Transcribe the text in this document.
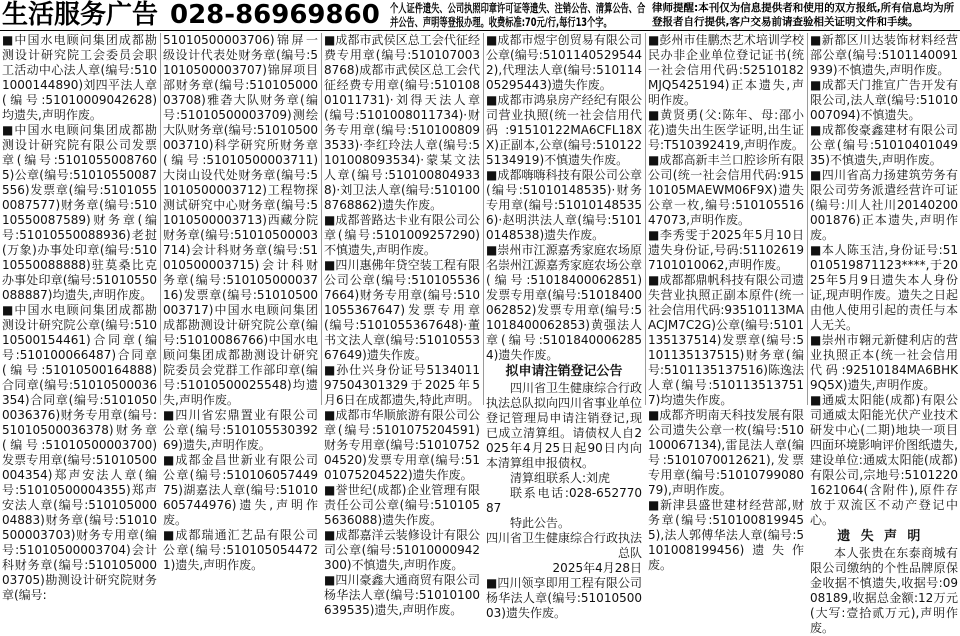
生活服务广告 028-86969860 个人证件遗失、公司执照印章许可证等遗失、注销公告、清算公告、合并公告、声明等登报办理。收费标准:70元/行,每行13个字。
律师提醒:本刊仅为信息提供者和使用的双方报纸,所有信息均为所登报者自行提供,客户交易前请查验相关证明文件和手续。

■中国水电顾问集团成都勘测设计研究院工会委员会职工活动中心法人章(编号:5101000144890)刘四平法人章(编号:51010009042628)均遗失,声明作废。

■中国水电顾问集团成都勘测设计研究院有限公司发票章(编号:51010550087605)公章(编号:51010550087556)发票章(编号:51010550087577)财务章(编号:51010550087589)财务章(编号:51010550088936)老挝(万象)办事处印章(编号:51010550088888)驻莫桑比克办事处印章(编号:51010550088887)均遗失,声明作废。

■中国水电顾问集团成都勘测设计研究院公章(编号:51010500154461)合同章(编号:510100066487)合同章(编号:51010500164888)合同章(编号:51010500036354)合同章(编号:51010500036376)财务专用章(编号:51010500036378)财务章(编号:51010500003700)发票专用章(编号:51010500004354)郑声安法人章(编号:51010500004355)郑声安法人章(编号:51010500004883)财务章(编号:51010500003703)财务专用章(编号:51010500003704)会计科财务章(编号:51010500003705)勘测设计研究院财务章(编号:

51010500003706)锦屏一级设计代表处财务章(编号:51010500003707)锦屏项目部财务章(编号:51010500003708)雅砻大队财务章(编号:51010500003709)测绘大队财务章(编号:51010500003710)科学研究所财务章(编号:51010500003711)大岗山设代处财务章(编号:51010500003712)工程物探测试研究中心财务章(编号:51010500003713)西藏分院财务章(编号:51010500003714)会计科财务章(编号:51010500003715)会计科财务章(编号:51010500003716)发票章(编号:51010500003717)中国水电顾问集团成都勘测设计研究院公章(编号:51010086766)中国水电顾问集团成都勘测设计研究院委员会党群工作部印章(编号:51010500025548)均遗失,声明作废。

■四川省宏鼎置业有限公司公章(编号:51010553039269)遗失,声明作废。

■成都金昌世新业有限公司公章(编号:51010605744975)湖嘉法人章(编号:51010605744976)遗失,声明作废。

■成都瑞通汇艺品有限公司公章(编号:5101050544721)遗失,声明作废。

■成都市武侯区总工会代征经费专用章(编号:5101070038768)成都市武侯区总工会代征经费专用章(编号:51010801011731)·刘得天法人章(编号:5101008011734)·财务专用章(编号:5101008093533)·李红玲法人章(编号:5101008093534)·蒙某文法人章(编号:5101008049338)·刘卫法人章(编号:5101008768862)遗失作废。

■成都普路达卡业有限公司公章(编号:5101009257290)不慎遗失,声明作废。

■四川惠佛年贷空装工程有限公司公章(编号:5101055367664)财务专用章(编号:5101055367647)发票专用章(编号:5101055367648)·董书文法人章(编号:5101055367649)遗失作废。

■孙仕兴身份证号513401197504301329于2025年5月6日在成都遗失,特此声明。

■成都市华顺旅游有限公司公章(编号:5101075204591)财务专用章(编号:5101075204520)发票专用章(编号:5101075204522)遗失作废。

■誉世纪(成都)企业管理有限责任公司公章(编号:5101055636088)遗失作废。

■成都嘉洋云装修设计有限公司公章(编号:51010000942300)不慎遗失,声明作废。

■四川豪鑫大通商贸有限公司杨华法人章(编号:51010100639535)遗失,声明作废。

■成都市煜宇创贸易有限公司公章(编号:51011405295442),代理法人章(编号:51011405295443)遗失作废。

■成都市鸿泉房产经纪有限公司营业执照(统一社会信用代码:91510122MA6CFL18XX)正副本,公章(编号:5101225134919)不慎遗失作废。

■成都嗨嗨科技有限公司公章(编号:51010148535)·财务专用章(编号:510101485356)·赵明洪法人章(编号:51010148538)遗失作废。

■崇州市江源嘉秀家庭农场原名崇州江源嘉秀家庭农场公章(编号:51018400062851)发票专用章(编号:51018400062852)发票专用章(编号:51018400062853)黄强法人章(编号:51018400062854)遗失作废。

拟申请注销登记公告

四川省卫生健康综合行政执法总队拟向四川省事业单位登记管理局申请注销登记,现已成立清算组。请债权人自2025年4月25日起90日内向本清算组申报债权。

清算组联系人:刘虎

联系电话:028-65277087

特此公告。

四川省卫生健康综合行政执法总队

2025年4月28日

■四川领享即用工程有限公司杨华法人章(编号:5101050003)遗失作废。

■彭州市佳鹏杰艺术培训学校民办非企业单位登记证书(统一社会信用代码:52510182MJQ5425194)正本遗失,声明作废。

■黄贤勇(父:陈年、母:邵小花)遗失出生医学证明,出生证号:T510392419,声明作废。

■成都高新丰兰口腔诊所有限公司(统一社会信用代码:91510105MAEWM06F9X)遗失公章一枚,编号:51010551647073,声明作废。

■李秀雯于2025年5月10日遗失身份证,号码:511026197101010062,声明作废。

■成都都鼎帆科技有限公司遗失营业执照正副本原件(统一社会信用代码:93510113MAACJM7C2G)公章(编号:5101135137514)发票章(编号:5101135137515)财务章(编号:5101135137516)陈逸法人章(编号:5101135137517)均遗失作废。

■成都齐明南天科技发展有限公司遗失公章一枚(编号:510100067134),雷昆法人章(编号:5101070012621),发票专用章(编号:5101079908079),声明作废。

■新津县盛世建材经营部,财务章(编号:5101008199455),法人郭傅华法人章(编号:5101008199456)遗失作废。

■新都区川达装饰材料经营部公章(编号:5101140091939)不慎遗失,声明作废。

■成都天门推宣广告开发有限公司,法人章(编号:51010007094)不慎遗失。

■成都俊豪鑫建材有限公司公章(编号:5101040104935)不慎遗失,声明作废。

■四川省高力扬建筑劳务有限公司劳务派遣经营许可证(编号:川人社川20140200001876)正本遗失,声明作废。

■本人陈玉洁,身份证号:51010519871123****,于2025年5月9日遗失本人身份证,现声明作废。遗失之日起由他人使用引起的责任与本人无关。

■崇州市翱元新健利店的营业执照正本(统一社会信用代码:92510184MA6BHK9Q5X)遗失,声明作废。

■通威太阳能(成都)有限公司通威太阳能光伏产业技术研发中心(二期)地块一项目四面环境影响评价图纸遗失,建设单位:通威太阳能(成都)有限公司,宗地号:51012201621064(含附件),原件存放于双流区不动产登记中心。

遗失声明

本人张贵在东泰商城有限公司缴纳的个性品牌原保金收据不慎遗失,收据号:0908189,收据总金额:12万元(大写:壹拾贰万元),声明作废。
